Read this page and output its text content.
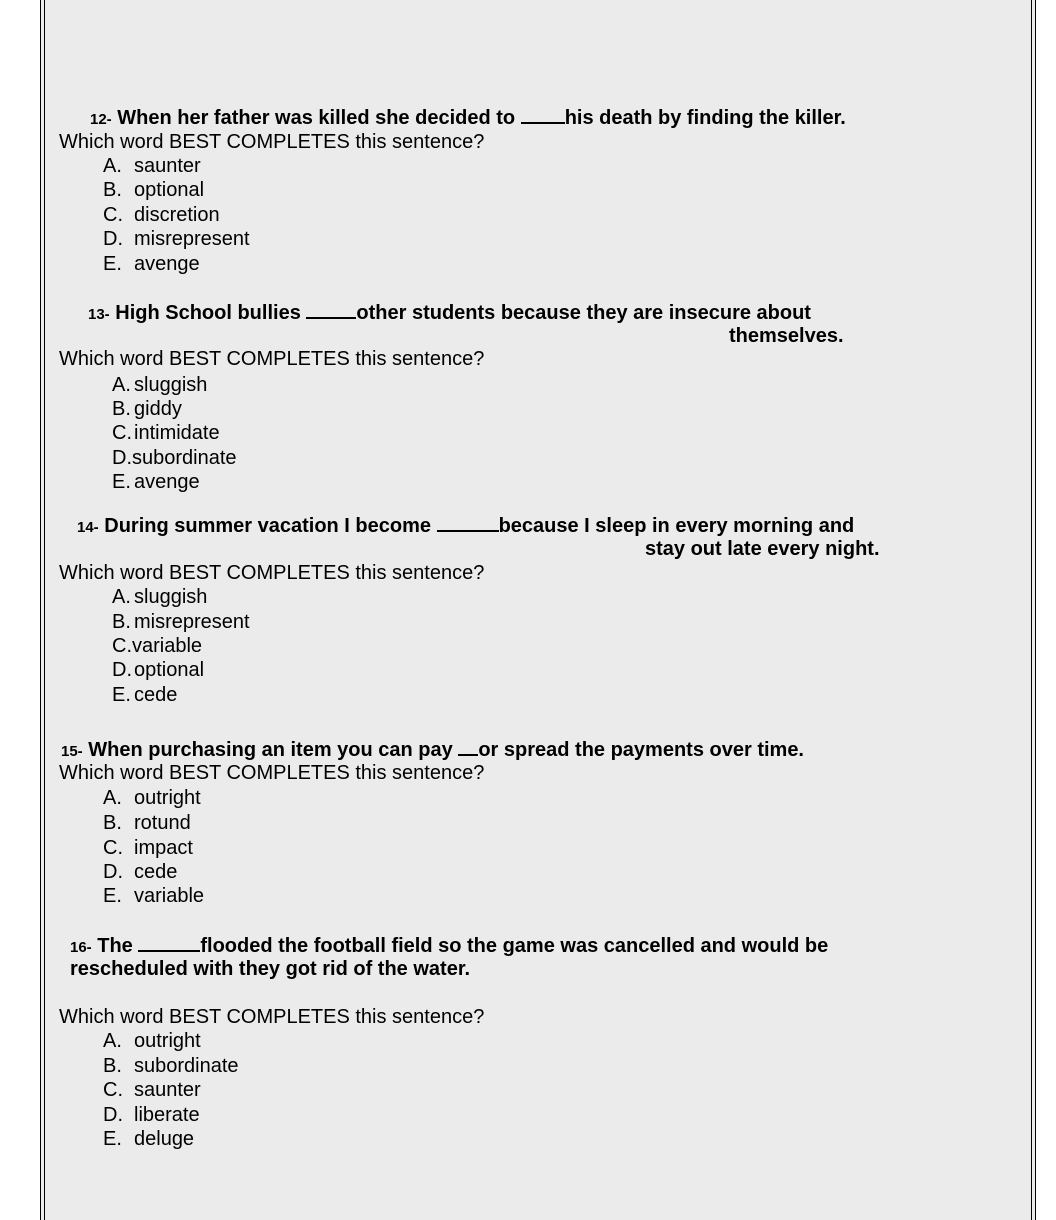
12- When her father was killed she decided to his death by finding the killer.
Which word BEST COMPLETES this sentence?
A. saunter
B. optional
C. discretion
D. misrepresent
E. avenge
13- High School bullies	other students because they are insecure about
themselves.
Which word BEST COMPLETES this sentence?
A. sluggish
B. giddy
C. intimidate
D.subordinate
E. avenge
14- During summer vacation I become	because I sleep in every morning and
stay out late every night.
Which word BEST COMPLETES this sentence?
A. sluggish
B. misrepresent
C.variable
D. optional
E. cede
15- When purchasing an item you can pay or spread the payments over time.
Which word BEST COMPLETES this sentence?
A. outright
B. rotund
C. impact
D. cede
E. variable
16- The	flooded the football field so the game was cancelled and would be
rescheduled with they got rid of the water.
Which word BEST COMPLETES this sentence?
A. outright
B. subordinate
C. saunter
D. liberate
E. deluge
